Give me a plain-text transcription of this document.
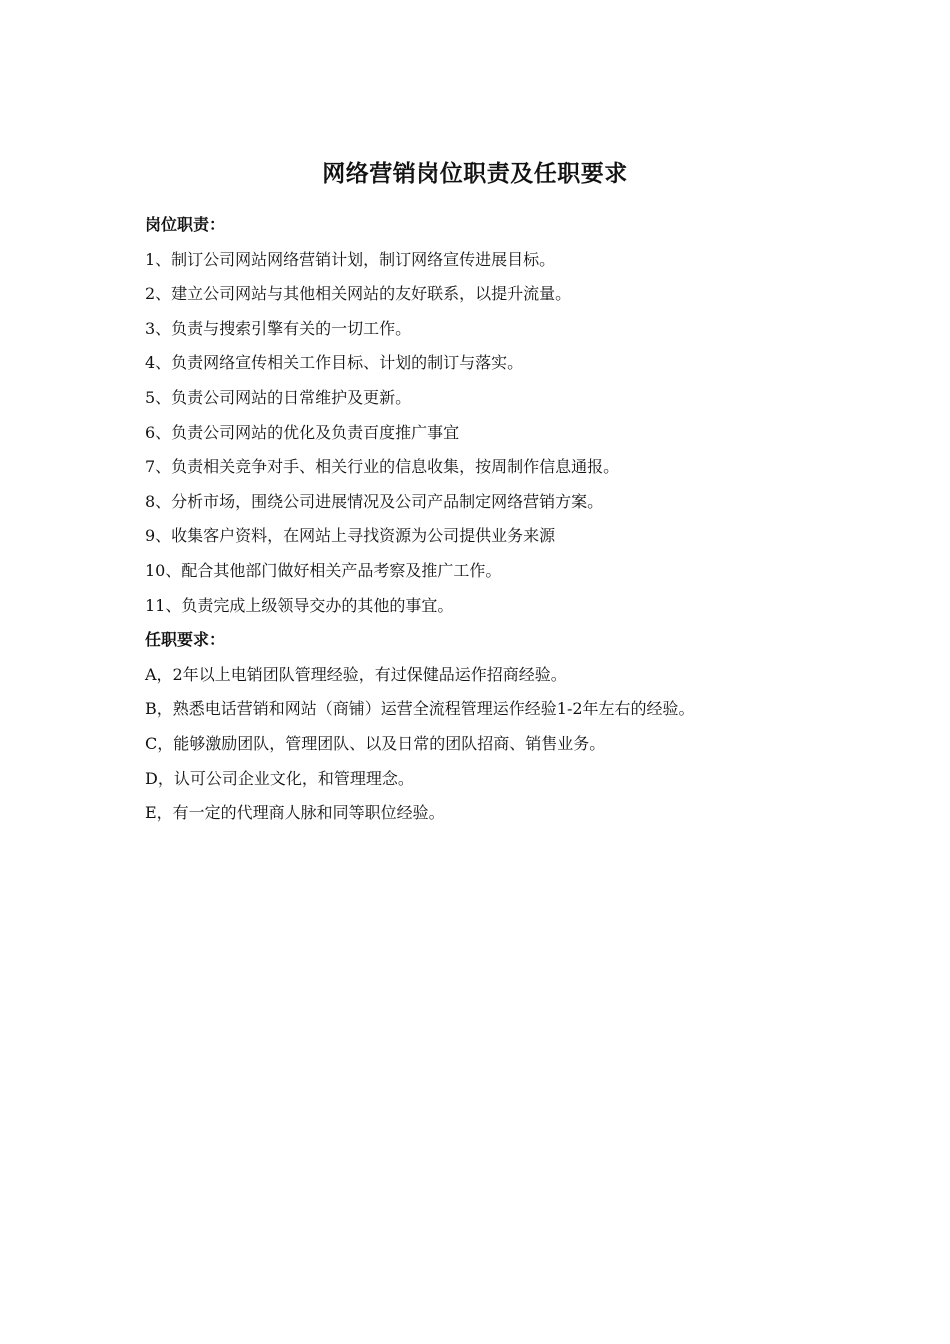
网络营销岗位职责及任职要求
岗位职责：
1、制订公司网站网络营销计划，制订网络宣传进展目标。
2、建立公司网站与其他相关网站的友好联系，以提升流量。
3、负责与搜索引擎有关的一切工作。
4、负责网络宣传相关工作目标、计划的制订与落实。
5、负责公司网站的日常维护及更新。
6、负责公司网站的优化及负责百度推广事宜
7、负责相关竞争对手、相关行业的信息收集，按周制作信息通报。
8、分析市场，围绕公司进展情况及公司产品制定网络营销方案。
9、收集客户资料，在网站上寻找资源为公司提供业务来源
10、配合其他部门做好相关产品考察及推广工作。
11、负责完成上级领导交办的其他的事宜。
任职要求：
A，2年以上电销团队管理经验，有过保健品运作招商经验。
B，熟悉电话营销和网站（商铺）运营全流程管理运作经验1-2年左右的经验。
C，能够激励团队，管理团队、以及日常的团队招商、销售业务。
D，认可公司企业文化，和管理理念。
E，有一定的代理商人脉和同等职位经验。
